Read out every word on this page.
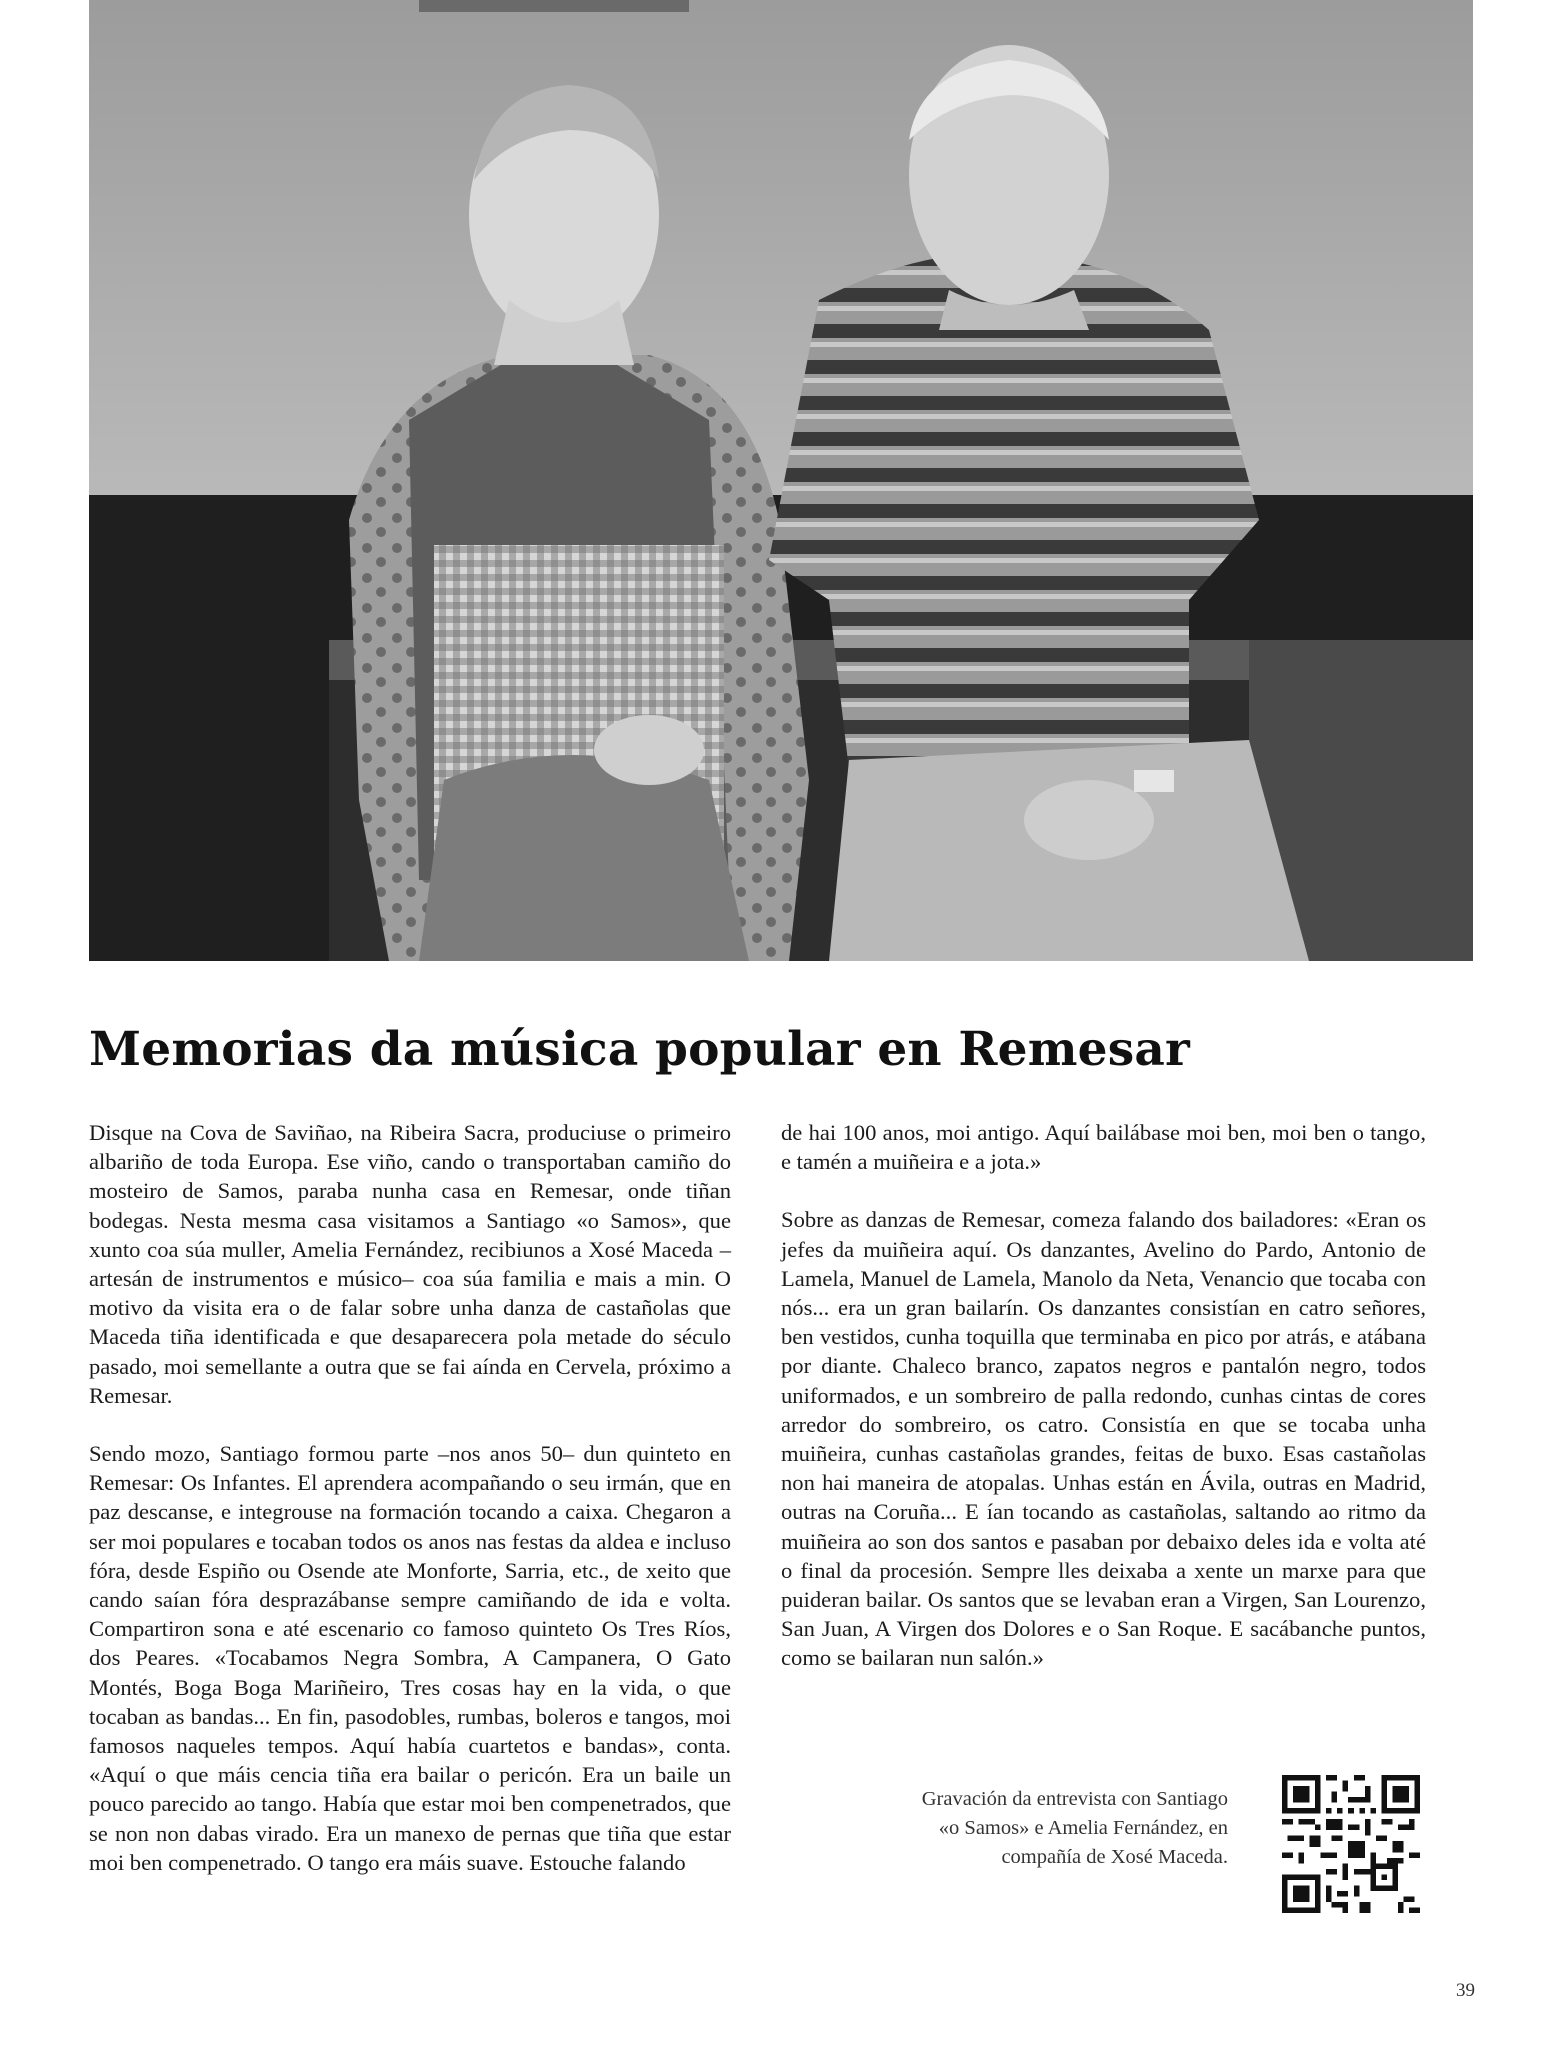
Memorias da música popular en Remesar

Disque na Cova de Saviñao, na Ribeira Sacra, produciuse o primeiro albariño de toda Europa. Ese viño, cando o transportaban camiño do mosteiro de Samos, paraba nunha casa en Remesar, onde tiñan bodegas. Nesta mesma casa visitamos a Santiago «o Samos», que xunto coa súa muller, Amelia Fernández, recibiunos a Xosé Maceda –artesán de instrumentos e músico– coa súa familia e mais a min. O motivo da visita era o de falar sobre unha danza de castañolas que Maceda tiña identificada e que desaparecera pola metade do século pasado, moi semellante a outra que se fai aínda en Cervela, próximo a Remesar.

Sendo mozo, Santiago formou parte –nos anos 50– dun quinteto en Remesar: Os Infantes. El aprendera acompañando o seu irmán, que en paz descanse, e integrouse na formación tocando a caixa. Chegaron a ser moi populares e tocaban todos os anos nas festas da aldea e incluso fóra, desde Espiño ou Osende ate Monforte, Sarria, etc., de xeito que cando saían fóra desprazábanse sempre camiñando de ida e volta. Compartiron sona e até escenario co famoso quinteto Os Tres Ríos, dos Peares. «Tocabamos Negra Sombra, A Campanera, O Gato Montés, Boga Boga Mariñeiro, Tres cosas hay en la vida, o que tocaban as bandas... En fin, pasodobles, rumbas, boleros e tangos, moi famosos naqueles tempos. Aquí había cuartetos e bandas», conta. «Aquí o que máis cencia tiña era bailar o pericón. Era un baile un pouco parecido ao tango. Había que estar moi ben compenetrados, que se non non dabas virado. Era un manexo de pernas que tiña que estar moi ben compenetrado. O tango era máis suave. Estouche falando

de hai 100 anos, moi antigo. Aquí bailábase moi ben, moi ben o tango, e tamén a muiñeira e a jota.»

Sobre as danzas de Remesar, comeza falando dos bailadores: «Eran os jefes da muiñeira aquí. Os danzantes, Avelino do Pardo, Antonio de Lamela, Manuel de Lamela, Manolo da Neta, Venancio que tocaba con nós... era un gran bailarín. Os danzantes consistían en catro señores, ben vestidos, cunha toquilla que terminaba en pico por atrás, e atábana por diante. Chaleco branco, zapatos negros e pantalón negro, todos uniformados, e un sombreiro de palla redondo, cunhas cintas de cores arredor do sombreiro, os catro. Consistía en que se tocaba unha muiñeira, cunhas castañolas grandes, feitas de buxo. Esas castañolas non hai maneira de atopalas. Unhas están en Ávila, outras en Madrid, outras na Coruña... E ían tocando as castañolas, saltando ao ritmo da muiñeira ao son dos santos e pasaban por debaixo deles ida e volta até o final da procesión. Sempre lles deixaba a xente un marxe para que puideran bailar. Os santos que se levaban eran a Virgen, San Lourenzo, San Juan, A Virgen dos Dolores e o San Roque. E sacábanche puntos, como se bailaran nun salón.»

Gravación da entrevista con Santiago
«o Samos» e Amelia Fernández, en
compañía de Xosé Maceda.
39
